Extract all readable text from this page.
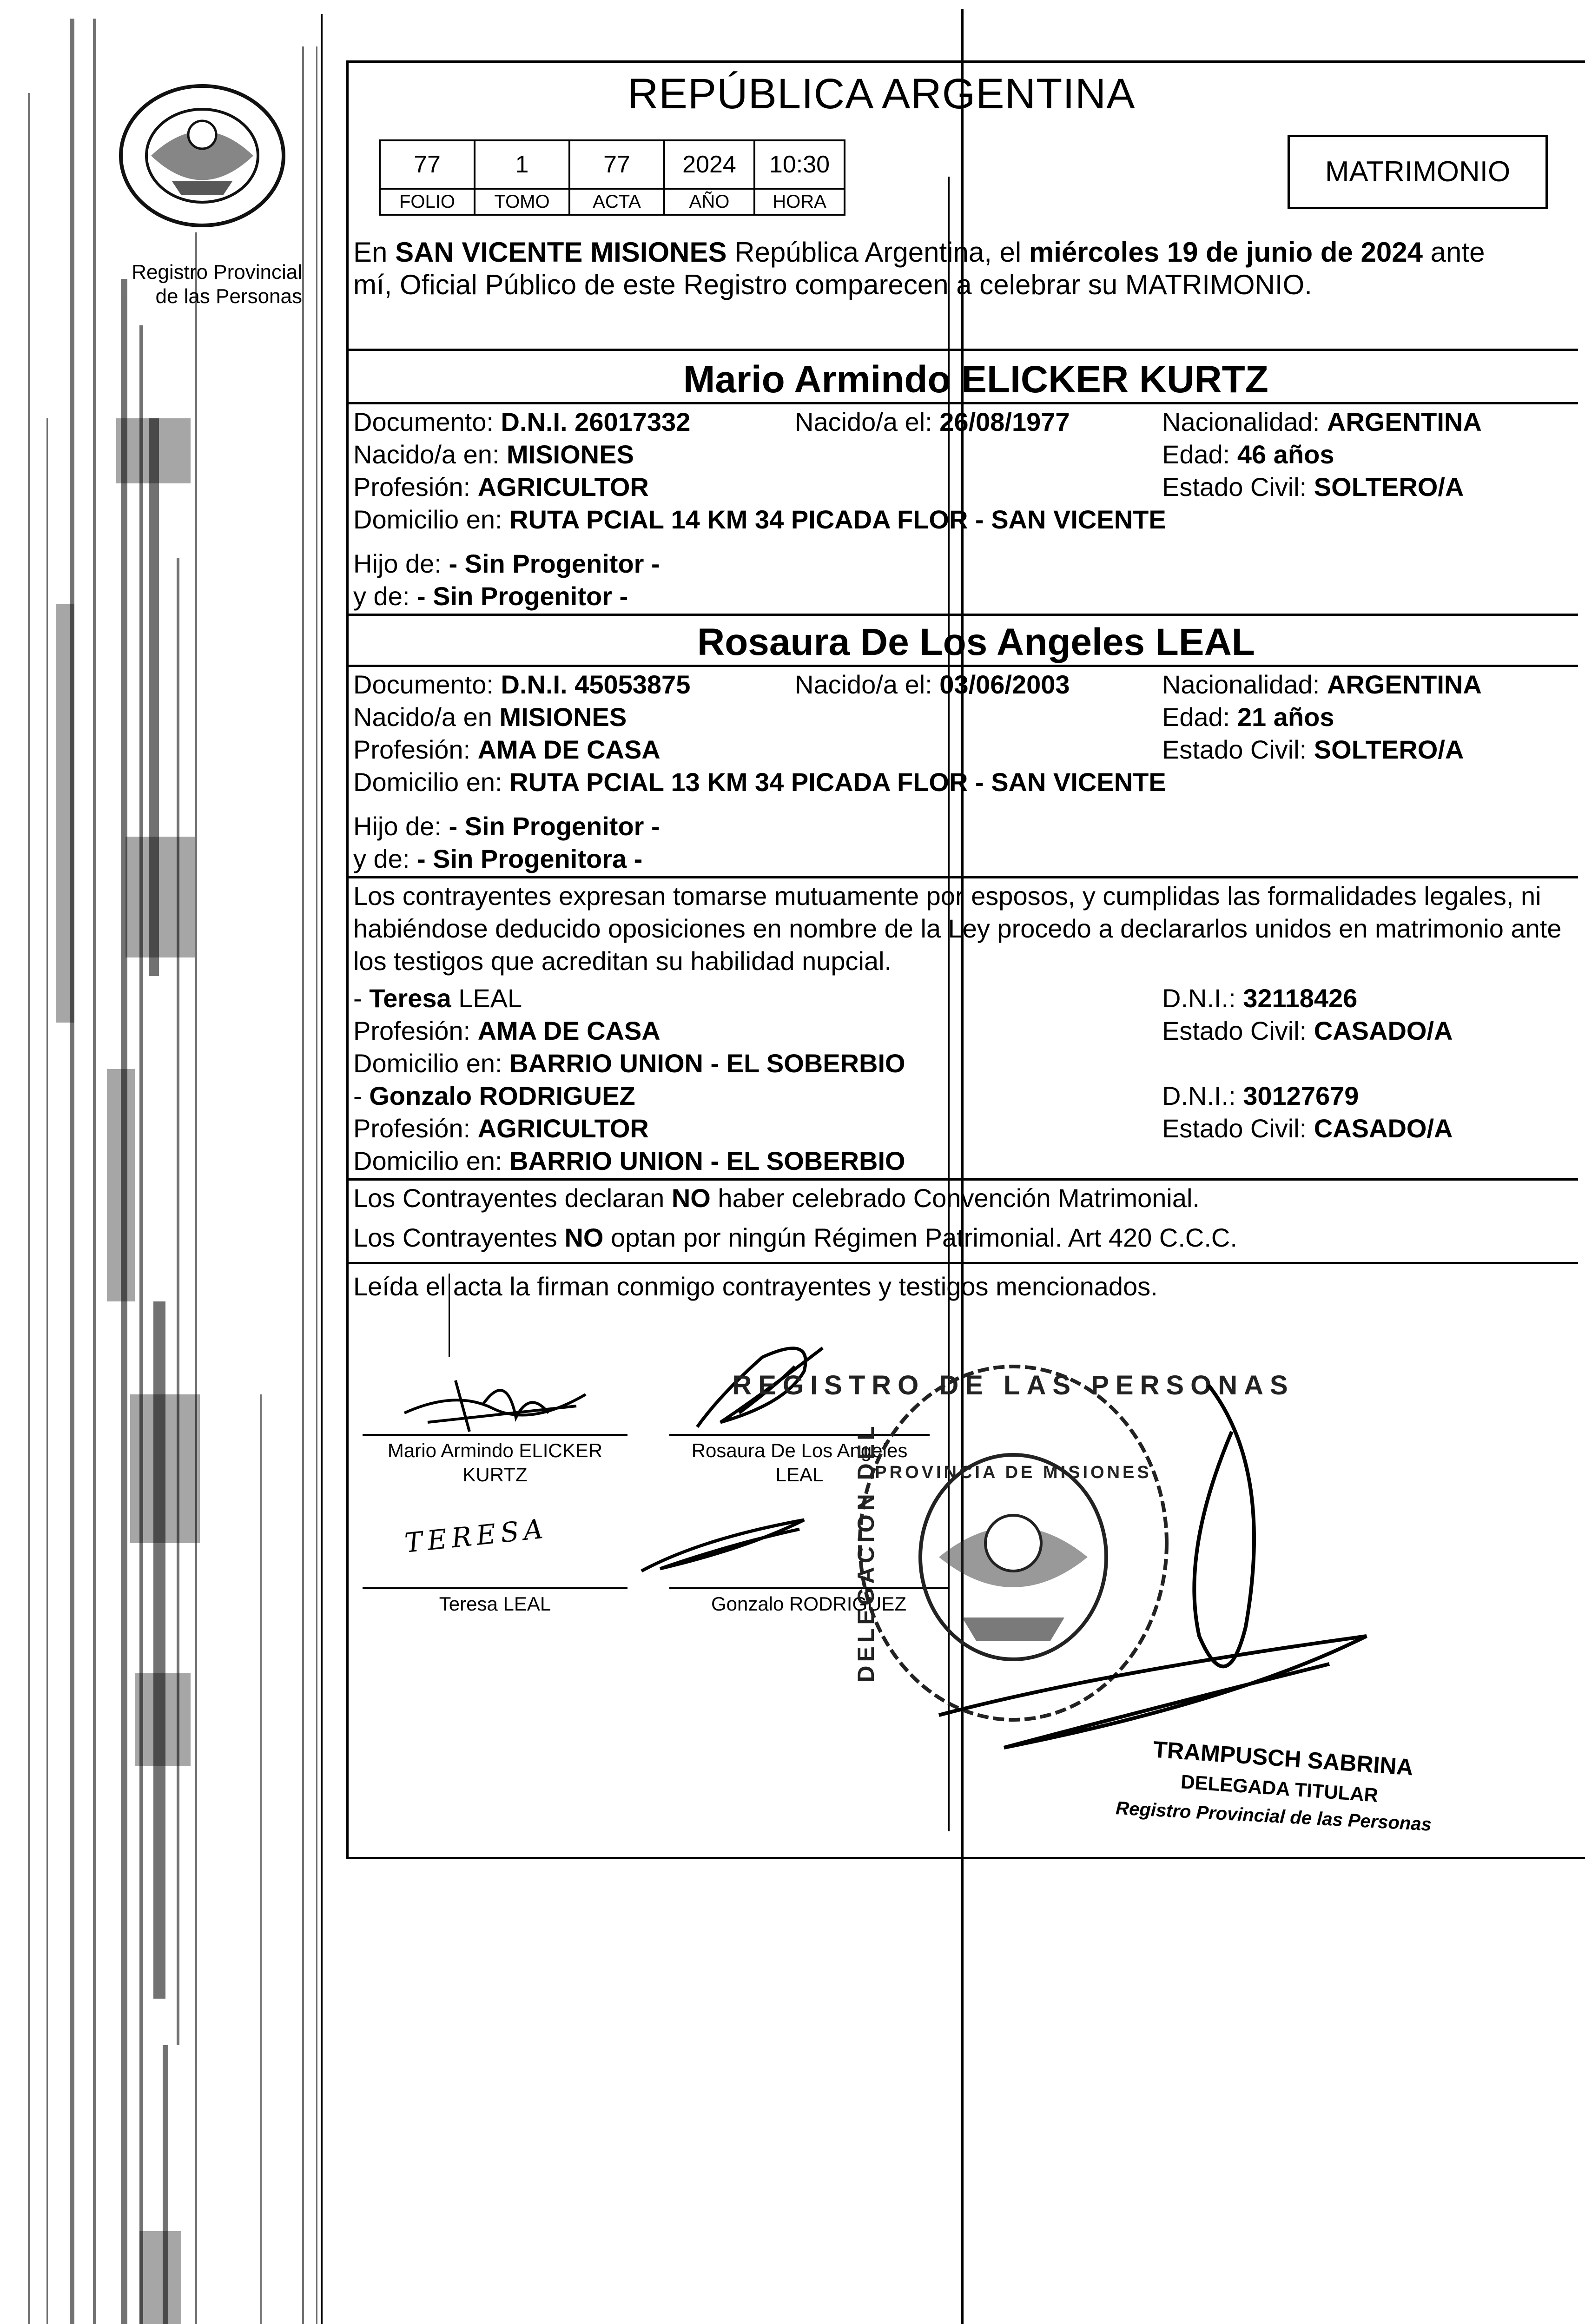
Registro Provincial
de las Personas
REPÚBLICA ARGENTINA
77	1	77	2024	10:30
FOLIO	TOMO	ACTA	AÑO	HORA
MATRIMONIO
En SAN VICENTE MISIONES República Argentina, el miércoles 19 de junio de 2024 ante
mí, Oficial Público de este Registro comparecen a celebrar su MATRIMONIO.
Mario Armindo ELICKER KURTZ
Documento: D.N.I. 26017332	Nacido/a el: 26/08/1977	Nacionalidad: ARGENTINA
Nacido/a en: MISIONES	Edad: 46 años
Profesión: AGRICULTOR	Estado Civil: SOLTERO/A
Domicilio en: RUTA PCIAL 14 KM 34 PICADA FLOR - SAN VICENTE
Hijo de: - Sin Progenitor -
y de: - Sin Progenitor -
Rosaura De Los Angeles LEAL
Documento: D.N.I. 45053875	Nacido/a el: 03/06/2003	Nacionalidad: ARGENTINA
Nacido/a en MISIONES	Edad: 21 años
Profesión: AMA DE CASA	Estado Civil: SOLTERO/A
Domicilio en: RUTA PCIAL 13 KM 34 PICADA FLOR - SAN VICENTE
Hijo de: - Sin Progenitor -
y de: - Sin Progenitora -
Los contrayentes expresan tomarse mutuamente por esposos, y cumplidas las formalidades legales, ni
habiéndose deducido oposiciones en nombre de la Ley procedo a declararlos unidos en matrimonio ante
los testigos que acreditan su habilidad nupcial.
- Teresa LEAL	D.N.I.: 32118426
Profesión: AMA DE CASA	Estado Civil: CASADO/A
Domicilio en: BARRIO UNION - EL SOBERBIO
- Gonzalo RODRIGUEZ	D.N.I.: 30127679
Profesión: AGRICULTOR	Estado Civil: CASADO/A
Domicilio en: BARRIO UNION - EL SOBERBIO
Los Contrayentes declaran NO haber celebrado Convención Matrimonial.
Los Contrayentes NO optan por ningún Régimen Patrimonial. Art 420 C.C.C.
Leída el acta la firman conmigo contrayentes y testigos mencionados.
Mario Armindo ELICKER
KURTZ
Rosaura De Los Angeles
LEAL
TERESA
Teresa LEAL	Gonzalo RODRIGUEZ
REGISTRO DE LAS PERSONAS
DELEGACION DEL
PROVINCIA DE MISIONES
TRAMPUSCH SABRINA
DELEGADA TITULAR
Registro Provincial de las Personas
